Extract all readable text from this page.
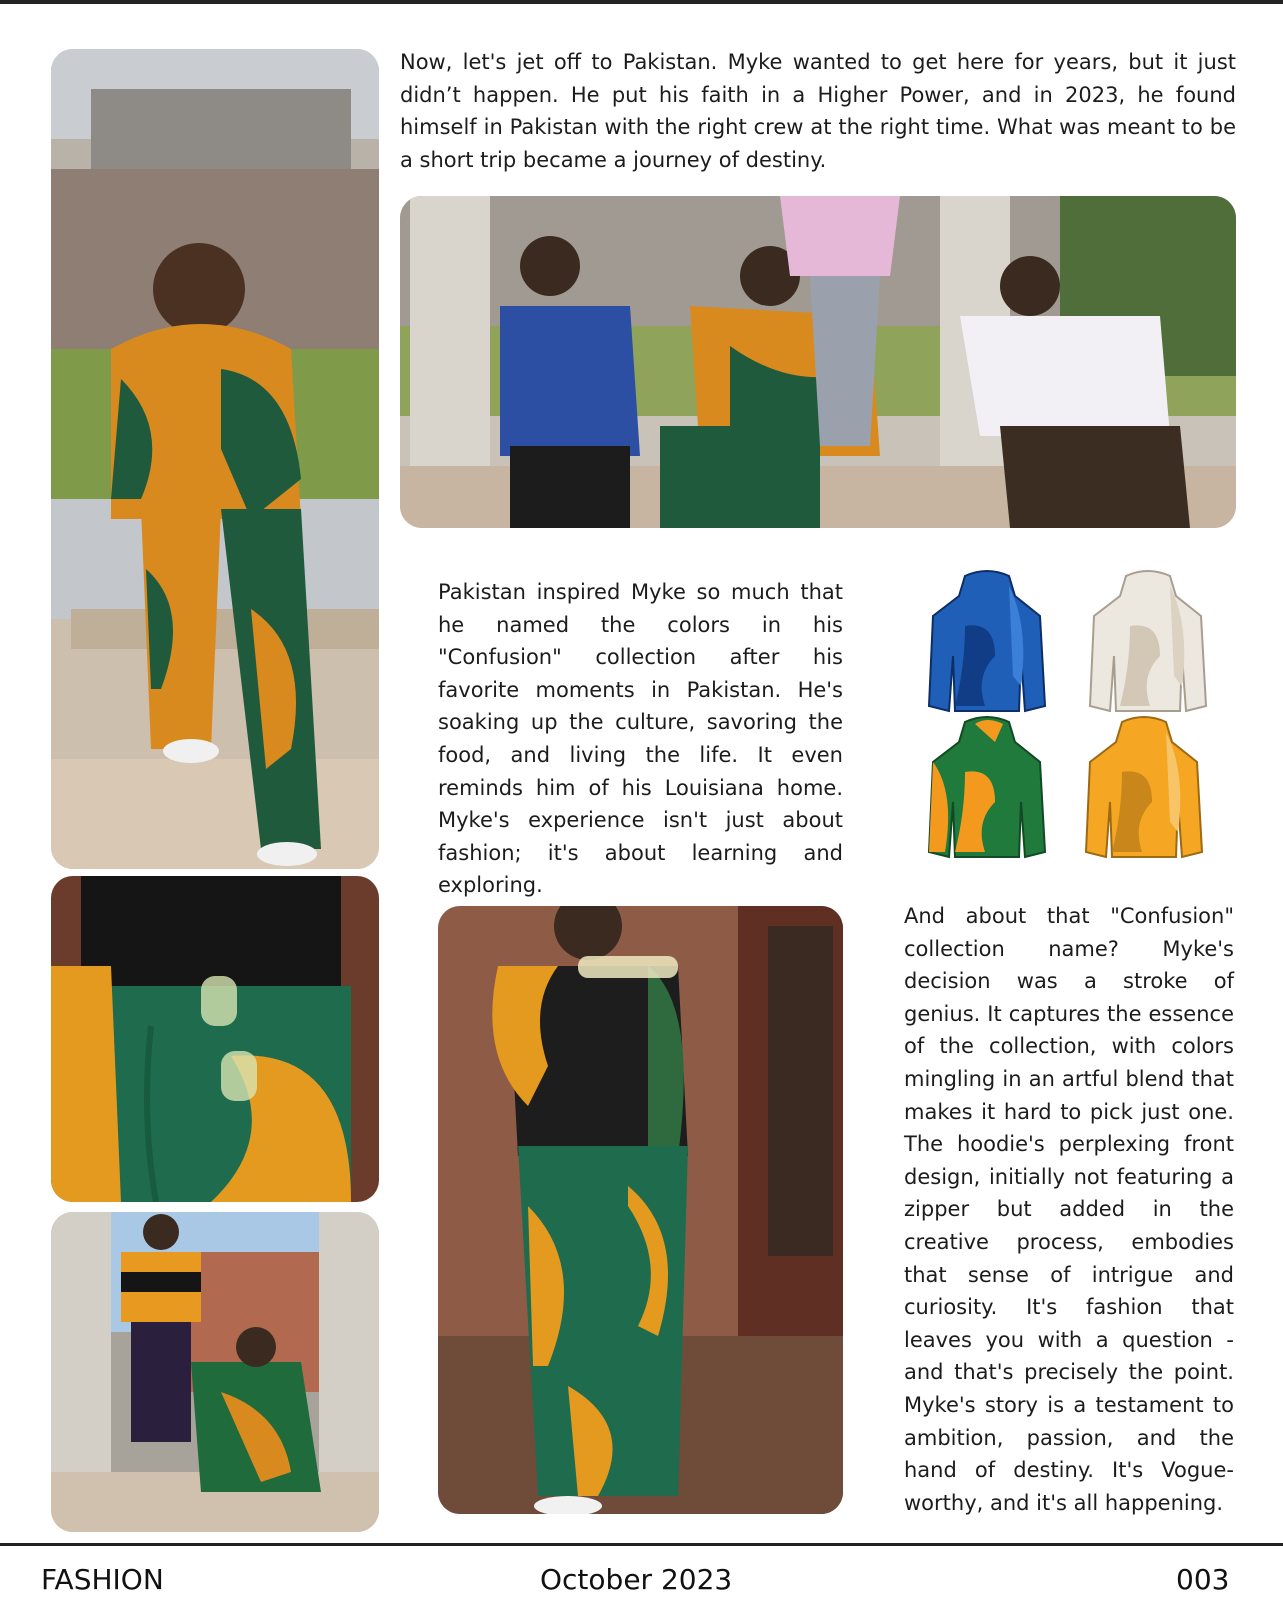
Now, let's jet off to Pakistan. Myke wanted to get here for years, but it just didn’t happen. He put his faith in a Higher Power, and in 2023, he found himself in Pakistan with the right crew at the right time. What was meant to be a short trip became a journey of destiny.

Pakistan inspired Myke so much that he named the colors in his "Confusion" collection after his favorite moments in Pakistan. He's soaking up the culture, savoring the food, and living the life. It even reminds him of his Louisiana home. Myke's experience isn't just about fashion; it's about learning and exploring.

And about that "Confusion" collection name? Myke's decision was a stroke of genius. It captures the essence of the collection, with colors mingling in an artful blend that makes it hard to pick just one. The hoodie's perplexing front design, initially not featuring a zipper but added in the creative process, embodies that sense of intrigue and curiosity. It's fashion that leaves you with a question - and that's precisely the point. Myke's story is a testament to ambition, passion, and the hand of destiny. It's Vogue-worthy, and it's all happening.

FASHION	October 2023	003
